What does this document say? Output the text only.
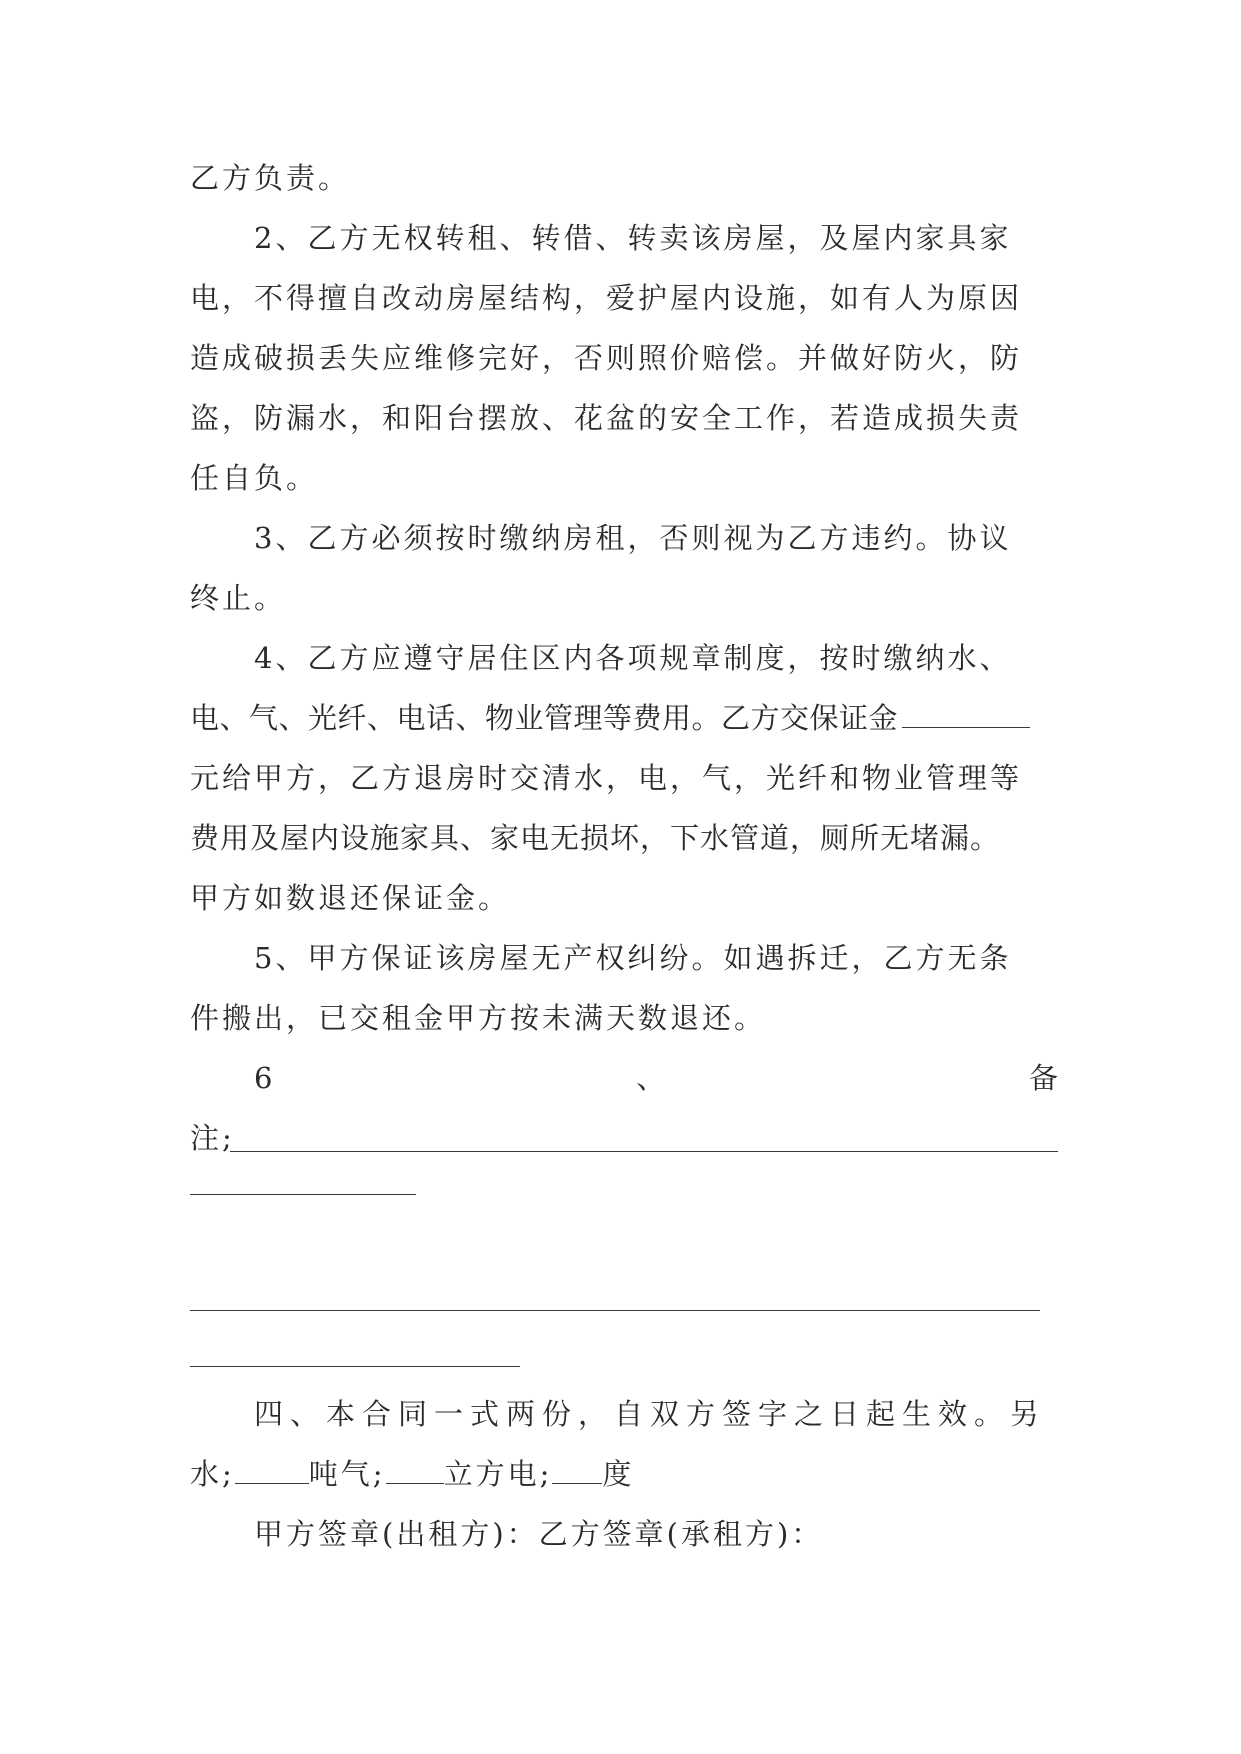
乙方负责。
2、乙方无权转租、转借、转卖该房屋，及屋内家具家
电，不得擅自改动房屋结构，爱护屋内设施，如有人为原因
造成破损丢失应维修完好，否则照价赔偿。并做好防火，防
盗，防漏水，和阳台摆放、花盆的安全工作，若造成损失责
任自负。
3、乙方必须按时缴纳房租，否则视为乙方违约。协议
终止。
4、乙方应遵守居住区内各项规章制度，按时缴纳水、
电、气、光纤、电话、物业管理等费用。乙方交保证金
元给甲方，乙方退房时交清水，电，气，光纤和物业管理等
费用及屋内设施家具、家电无损坏，下水管道，厕所无堵漏。
甲方如数退还保证金。
5、甲方保证该房屋无产权纠纷。如遇拆迁，乙方无条
件搬出，已交租金甲方按未满天数退还。
6	、	备
注;
四、本合同一式两份，自双方签字之日起生效。另
水;	吨气; 立方电; 度
甲方签章(出租方)：乙方签章(承租方)：
